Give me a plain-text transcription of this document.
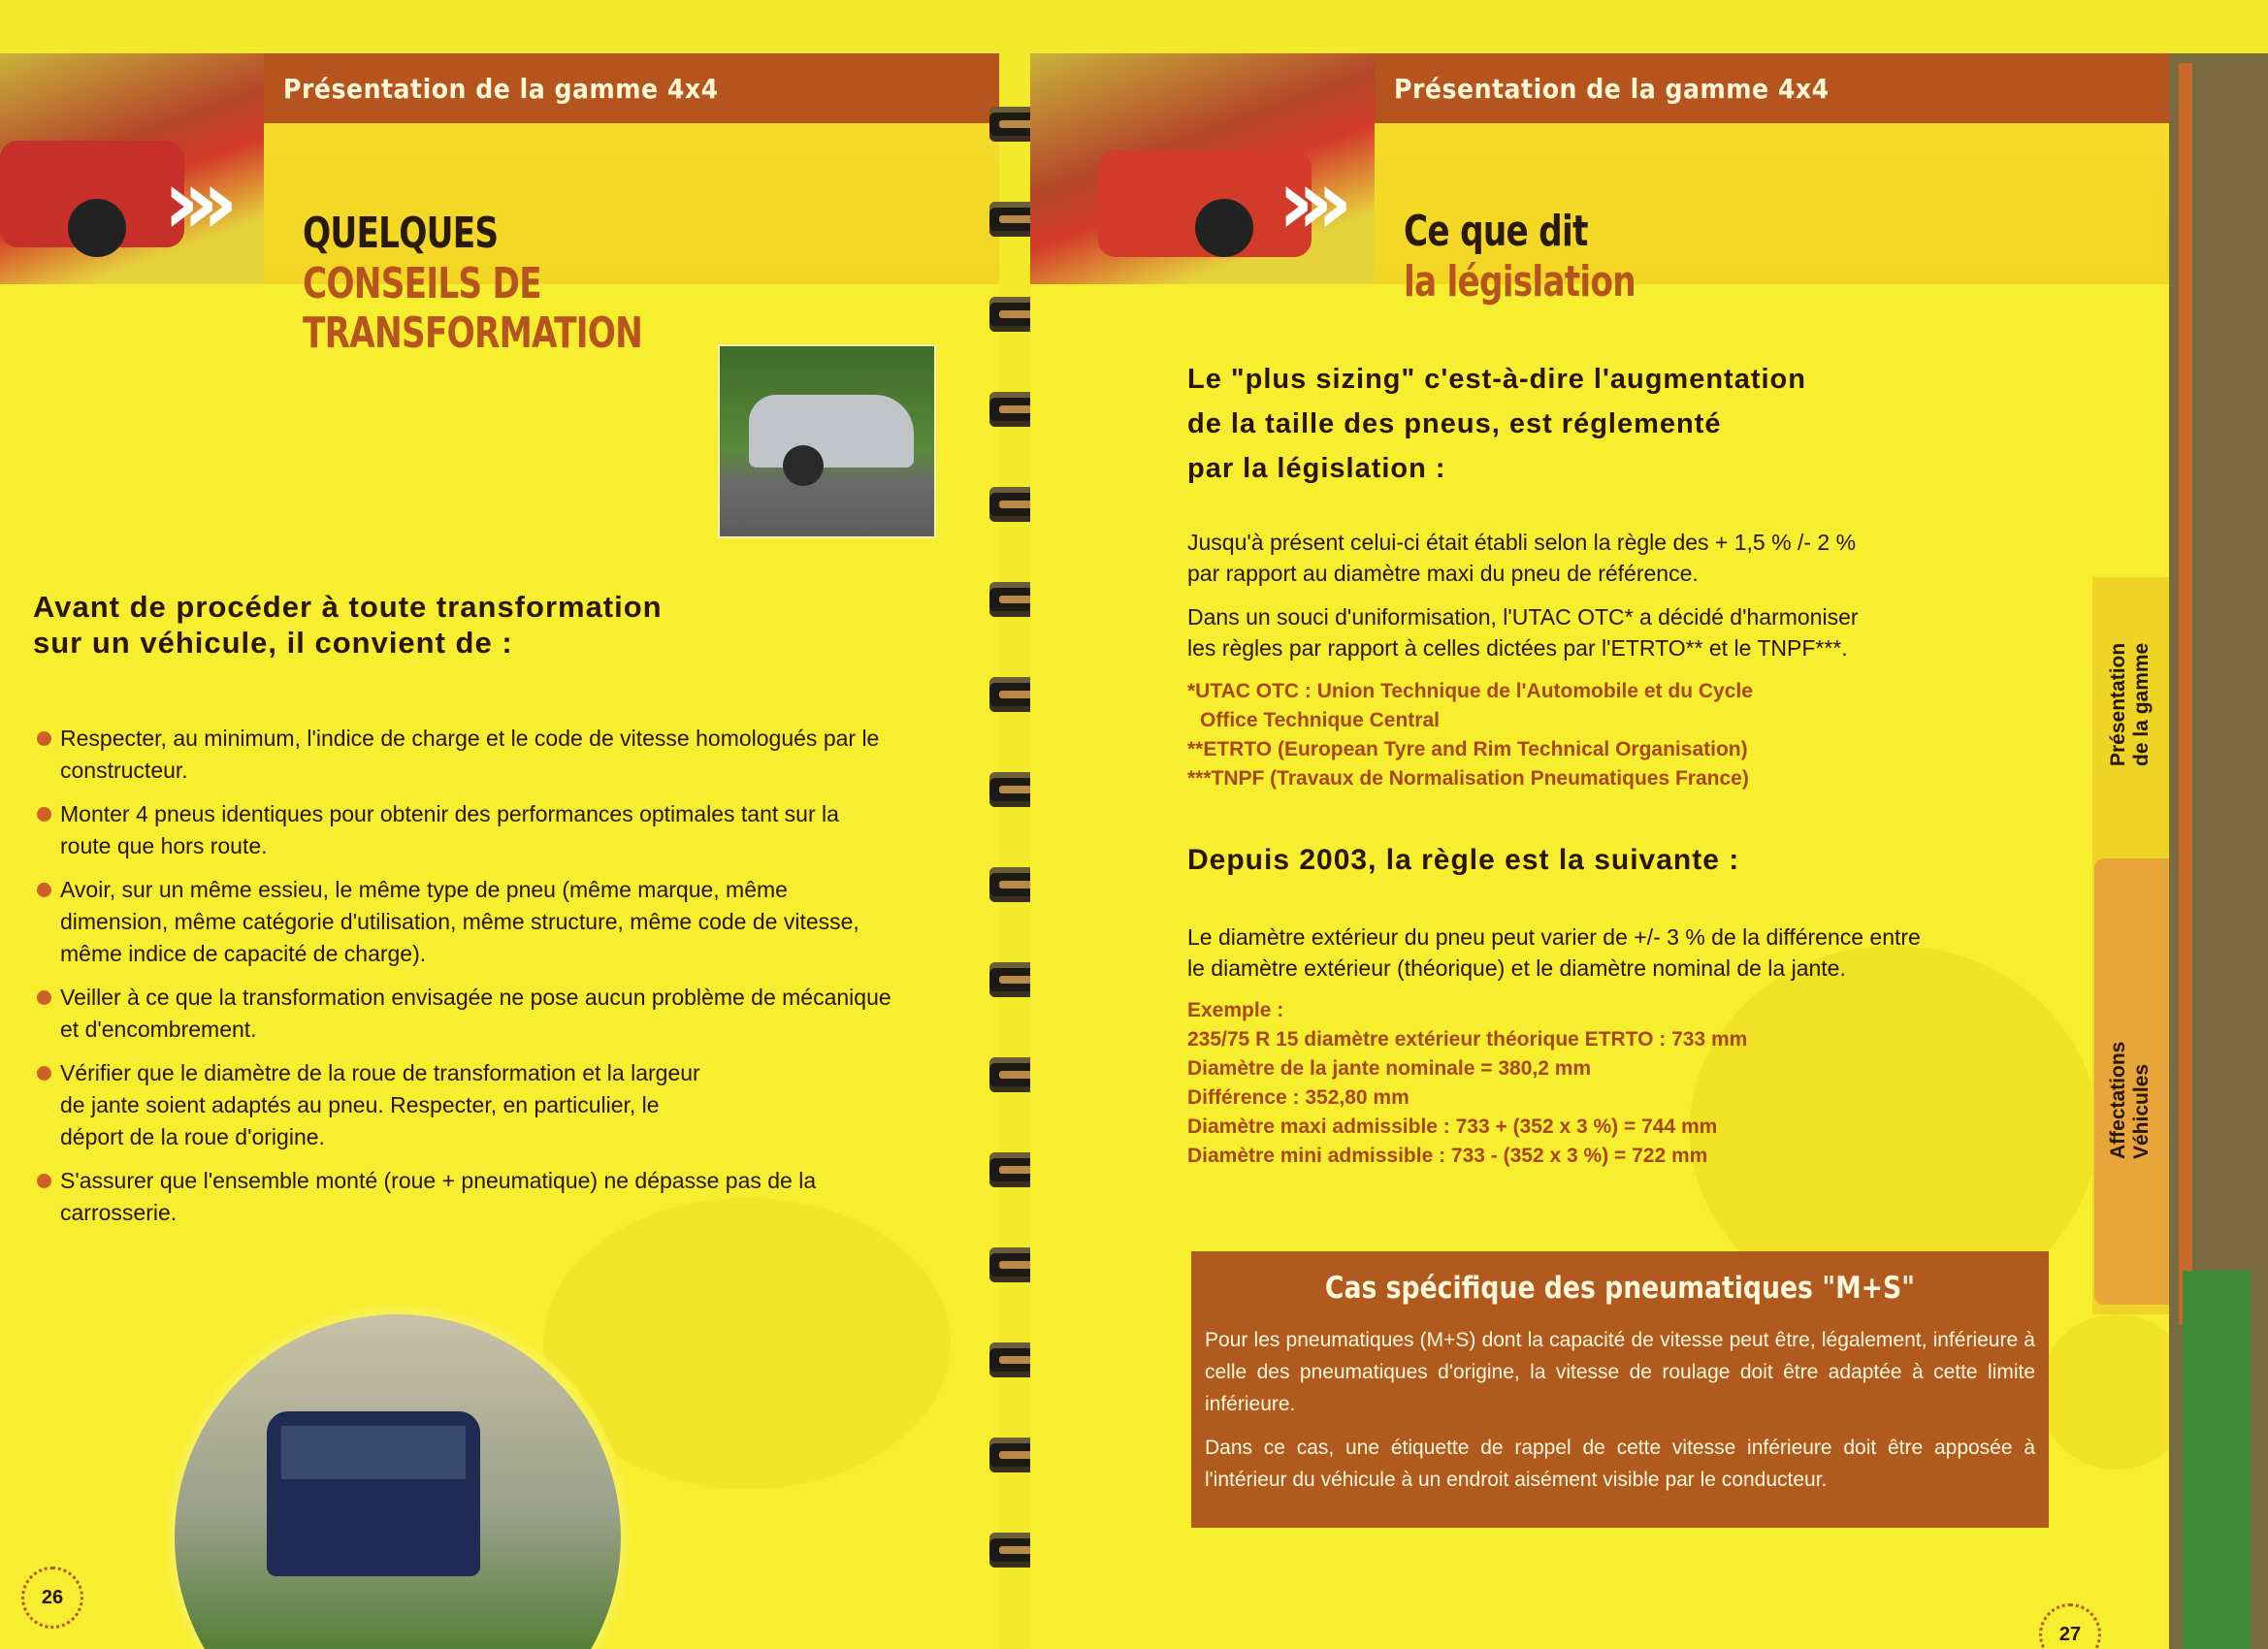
›››
Présentation de la gamme 4x4
QUELQUES
CONSEILS DE TRANSFORMATION
Avant de procéder à toute transformation
sur un véhicule, il convient de :
Respecter, au minimum, l'indice de charge et le code de vitesse homologués par le constructeur.
Monter 4 pneus identiques pour obtenir des performances optimales tant sur la route que hors route.
Avoir, sur un même essieu, le même type de pneu (même marque, même dimension, même catégorie d'utilisation, même structure, même code de vitesse, même indice de capacité de charge).
Veiller à ce que la transformation envisagée ne pose aucun problème de mécanique et d'encombrement.
Vérifier que le diamètre de la roue de transformation et la largeur de jante soient adaptés au pneu. Respecter, en particulier, le déport de la roue d'origine.
S'assurer que l'ensemble monté (roue + pneumatique) ne dépasse pas de la carrosserie.
26
›››
Présentation de la gamme 4x4
Ce que dit
la législation
Le "plus sizing" c'est-à-dire l'augmentation
de la taille des pneus, est réglementé
par la législation :
Jusqu'à présent celui-ci était établi selon la règle des + 1,5 % /- 2 %
par rapport au diamètre maxi du pneu de référence.
Dans un souci d'uniformisation, l'UTAC OTC* a décidé d'harmoniser
les règles par rapport à celles dictées par l'ETRTO** et le TNPF***.
*UTAC OTC : Union Technique de l'Automobile et du Cycle
Office Technique Central
**ETRTO (European Tyre and Rim Technical Organisation)
***TNPF (Travaux de Normalisation Pneumatiques France)
Depuis 2003, la règle est la suivante :
Le diamètre extérieur du pneu peut varier de +/- 3 % de la différence entre
le diamètre extérieur (théorique) et le diamètre nominal de la jante.
Exemple :
235/75 R 15 diamètre extérieur théorique ETRTO : 733 mm
Diamètre de la jante nominale = 380,2 mm
Différence : 352,80 mm
Diamètre maxi admissible : 733 + (352 x 3 %) = 744 mm
Diamètre mini admissible : 733 - (352 x 3 %) = 722 mm
Présentation de la gamme
Affectations Véhicules
27
Cas spécifique des pneumatiques "M+S"
Pour les pneumatiques (M+S) dont la capacité de vitesse peut être, légalement, inférieure à celle des pneumatiques d'origine, la vitesse de roulage doit être adaptée à cette limite inférieure.
Dans ce cas, une étiquette de rappel de cette vitesse inférieure doit être apposée à l'intérieur du véhicule à un endroit aisément visible par le conducteur.
